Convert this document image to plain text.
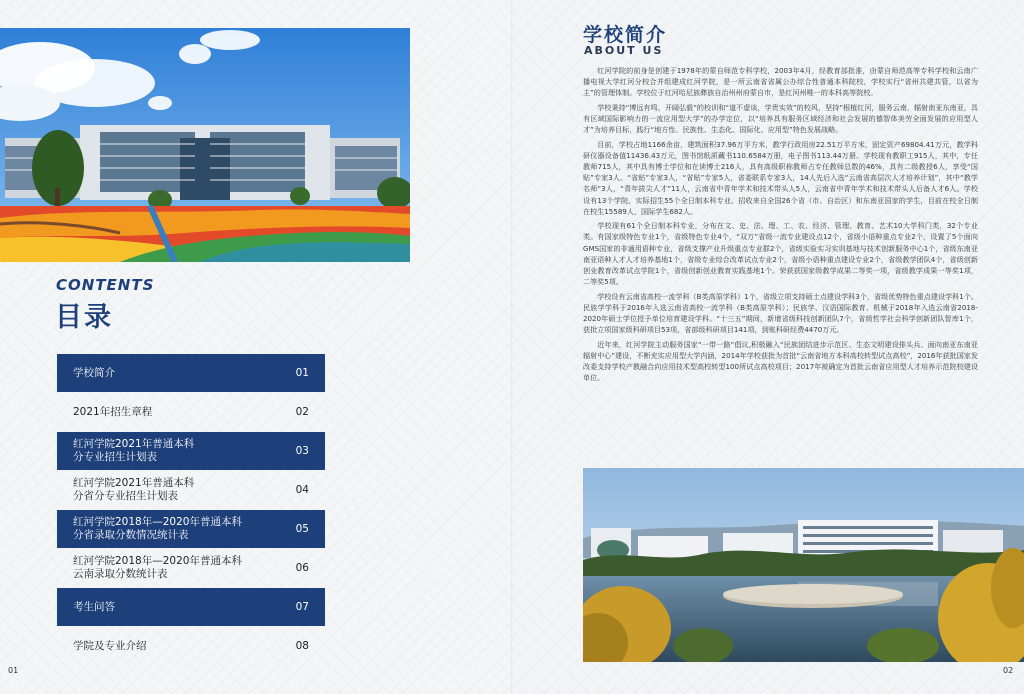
CONTENTS
目录
学校简介	01
2021年招生章程	02
红河学院2021年普通本科
分专业招生计划表	03
红河学院2021年普通本科
分省分专业招生计划表	04
红河学院2018年—2020年普通本科
分省录取分数情况统计表	05
红河学院2018年—2020年普通本科
云南录取分数统计表	06
考生问答	07
学院及专业介绍	08
01
学校简介
ABOUT US

红河学院的前身是创建于1978年的蒙自师范专科学校，2003年4月，经教育部批准，由蒙自师范高等专科学校和云南广播电视大学红河分校合并组建成红河学院，是一所云南省省属公办综合性普通本科院校，学校实行“省州共建共管，以省为主”的管理体制。学校位于红河哈尼族彝族自治州州府蒙自市，是红河州唯一的本科高等院校。

学校秉持“博远有鸣，开阔弘毅”的校训和“道不虚谈，学贵实效”的校风，坚持“根植红河，服务云南，辐射南亚东南亚，具有区域国际影响力的一流应用型大学”的办学定位，以“培养具有服务区域经济和社会发展的德智体美劳全面发展的应用型人才”为培养目标，践行“地方性、民族性、生态化、国际化、应用型”特色发展战略。

目前，学校占地1166余亩，建筑面积37.96万平方米，教学行政用房22.51万平方米，固定资产69804.41万元，教学科研仪器设备值11436.43万元，图书馆纸质藏书110.6584万册，电子图书113.44万册。学校现有教职工915人，其中，专任教师715人，其中具有博士学位和在读博士216人，具有高级职称教师占专任教师总数的46%，具有二级教授6人，享受“国贴”专家3人、“省贴”专家3人，“省贴”专家5人，省委联系专家3人，14人先后入选“云南省高层次人才培养计划”，其中“教学名师”3人，“青年拔尖人才”11人，云南省中青年学术和技术带头人5人，云南省中青年学术和技术带头人后备人才6人。学校设有13个学院，实际招生55个全日制本科专业。招收来自全国26个省（市、自治区）和东南亚国家的学生，目前在校全日制在校生15589人，国际学生682人。

学校现有61个全日制本科专业，分布在文、史、法、理、工、农、经济、管理、教育、艺术10大学科门类，32个专业类。有国家级特色专业1个，省级特色专业4个，“双万”省级一流专业建设点12个，省级小语种重点专业2个，设置了5个面向GMS国家的非通用语种专业，省级支撑产业升级重点专业群2个，省级实验实习实训基地与技术创新服务中心1个，省级东南亚南亚语种人才人才培养基地1个，省级专业综合改革试点专业2个，省级小语种重点建设专业2个，省级教学团队4个，省级创新创业教育改革试点学院1个，省级创新创业教育实践基地1个。荣获获国家级教学成果二等奖一项，省级教学成果一等奖1项，二等奖5项。

学校设有云南省高校一流学科（B类高原学科）1个，省级立项支持硕士点建设学科3个，省级优势特色重点建设学科1个。民族学学科于2016年入选云南省高校一流学科（B类高原学科）；民族学、汉语国际教育、机械于2018年入选云南省2018-2020年硕士学位授予单位培育建设学科。“十三五”期间，新增省级科技创新团队7个，省级哲学社会科学创新团队智库1个，获批立项国家级科研项目53项，省部级科研项目141项，到账科研经费4470万元。

近年来，红河学院主动服务国家“一带一路”倡议,积极融入“民族团结进步示范区、生态文明建设排头兵、面向南亚东南亚辐射中心”建设，不断充实应用型大学内涵，2014年学校获批为首批“云南省地方本科高校转型试点高校”，2016年获批国家发改委支持学校产教融合向应用技术型高校转型100所试点高校项目；2017年被确定为首批云南省应用型人才培养示范院校建设单位。

02
